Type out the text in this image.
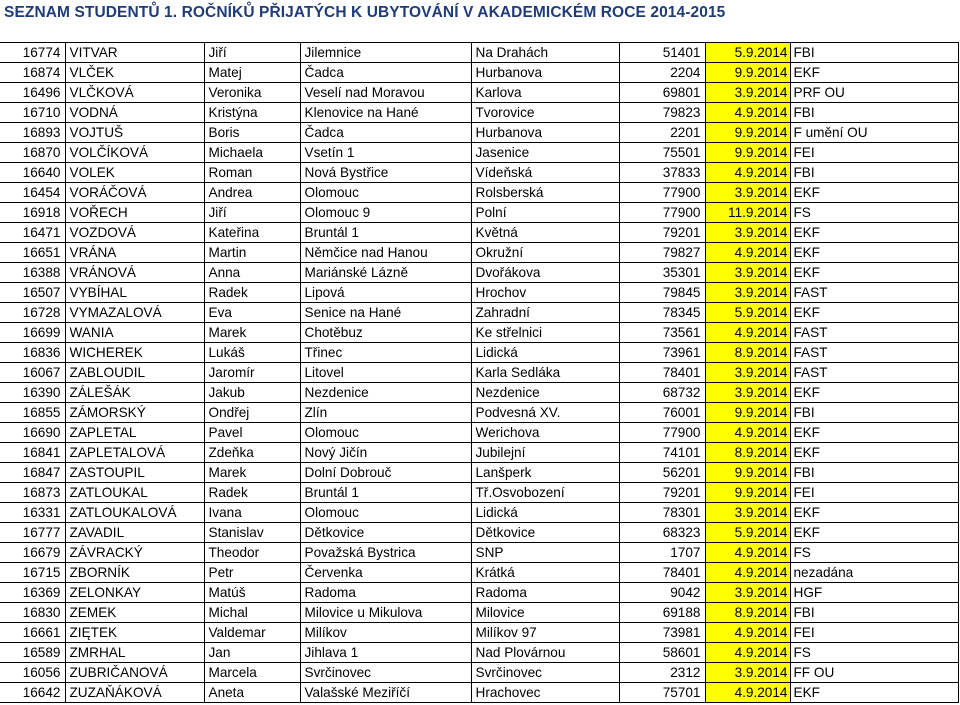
SEZNAM STUDENTŮ 1. ROČNÍKŮ PŘIJATÝCH K UBYTOVÁNÍ V AKADEMICKÉM ROCE 2014-2015
16774	VITVAR	Jiří	Jilemnice	Na Drahách	51401	5.9.2014	FBI
16874	VLČEK	Matej	Čadca	Hurbanova	2204	9.9.2014	EKF
16496	VLČKOVÁ	Veronika	Veselí nad Moravou	Karlova	69801	3.9.2014	PRF OU
16710	VODNÁ	Kristýna	Klenovice na Hané	Tvorovice	79823	4.9.2014	FBI
16893	VOJTUŠ	Boris	Čadca	Hurbanova	2201	9.9.2014	F umění OU
16870	VOLČÍKOVÁ	Michaela	Vsetín 1	Jasenice	75501	9.9.2014	FEI
16640	VOLEK	Roman	Nová Bystřice	Vídeňská	37833	4.9.2014	FBI
16454	VORÁČOVÁ	Andrea	Olomouc	Rolsberská	77900	3.9.2014	EKF
16918	VOŘECH	Jiří	Olomouc 9	Polní	77900	11.9.2014	FS
16471	VOZDOVÁ	Kateřina	Bruntál 1	Květná	79201	3.9.2014	EKF
16651	VRÁNA	Martin	Němčice nad Hanou	Okružní	79827	4.9.2014	EKF
16388	VRÁNOVÁ	Anna	Mariánské Lázně	Dvořákova	35301	3.9.2014	EKF
16507	VYBÍHAL	Radek	Lipová	Hrochov	79845	3.9.2014	FAST
16728	VYMAZALOVÁ	Eva	Senice na Hané	Zahradní	78345	5.9.2014	EKF
16699	WANIA	Marek	Chotěbuz	Ke střelnici	73561	4.9.2014	FAST
16836	WICHEREK	Lukáš	Třinec	Lidická	73961	8.9.2014	FAST
16067	ZABLOUDIL	Jaromír	Litovel	Karla Sedláka	78401	3.9.2014	FAST
16390	ZÁLEŠÁK	Jakub	Nezdenice	Nezdenice	68732	3.9.2014	EKF
16855	ZÁMORSKÝ	Ondřej	Zlín	Podvesná XV.	76001	9.9.2014	FBI
16690	ZAPLETAL	Pavel	Olomouc	Werichova	77900	4.9.2014	EKF
16841	ZAPLETALOVÁ	Zdeňka	Nový Jičín	Jubilejní	74101	8.9.2014	EKF
16847	ZASTOUPIL	Marek	Dolní Dobrouč	Lanšperk	56201	9.9.2014	FBI
16873	ZATLOUKAL	Radek	Bruntál 1	Tř.Osvobození	79201	9.9.2014	FEI
16331	ZATLOUKALOVÁ	Ivana	Olomouc	Lidická	78301	3.9.2014	EKF
16777	ZAVADIL	Stanislav	Dětkovice	Dětkovice	68323	5.9.2014	EKF
16679	ZÁVRACKÝ	Theodor	Považská Bystrica	SNP	1707	4.9.2014	FS
16715	ZBORNÍK	Petr	Červenka	Krátká	78401	4.9.2014	nezadána
16369	ZELONKAY	Matúš	Radoma	Radoma	9042	3.9.2014	HGF
16830	ZEMEK	Michal	Milovice u Mikulova	Milovice	69188	8.9.2014	FBI
16661	ZIĘTEK	Valdemar	Milíkov	Milíkov 97	73981	4.9.2014	FEI
16589	ZMRHAL	Jan	Jihlava 1	Nad Plovárnou	58601	4.9.2014	FS
16056	ZUBRIČANOVÁ	Marcela	Svrčinovec	Svrčinovec	2312	3.9.2014	FF OU
16642	ZUZAŇÁKOVÁ	Aneta	Valašské Meziříčí	Hrachovec	75701	4.9.2014	EKF
